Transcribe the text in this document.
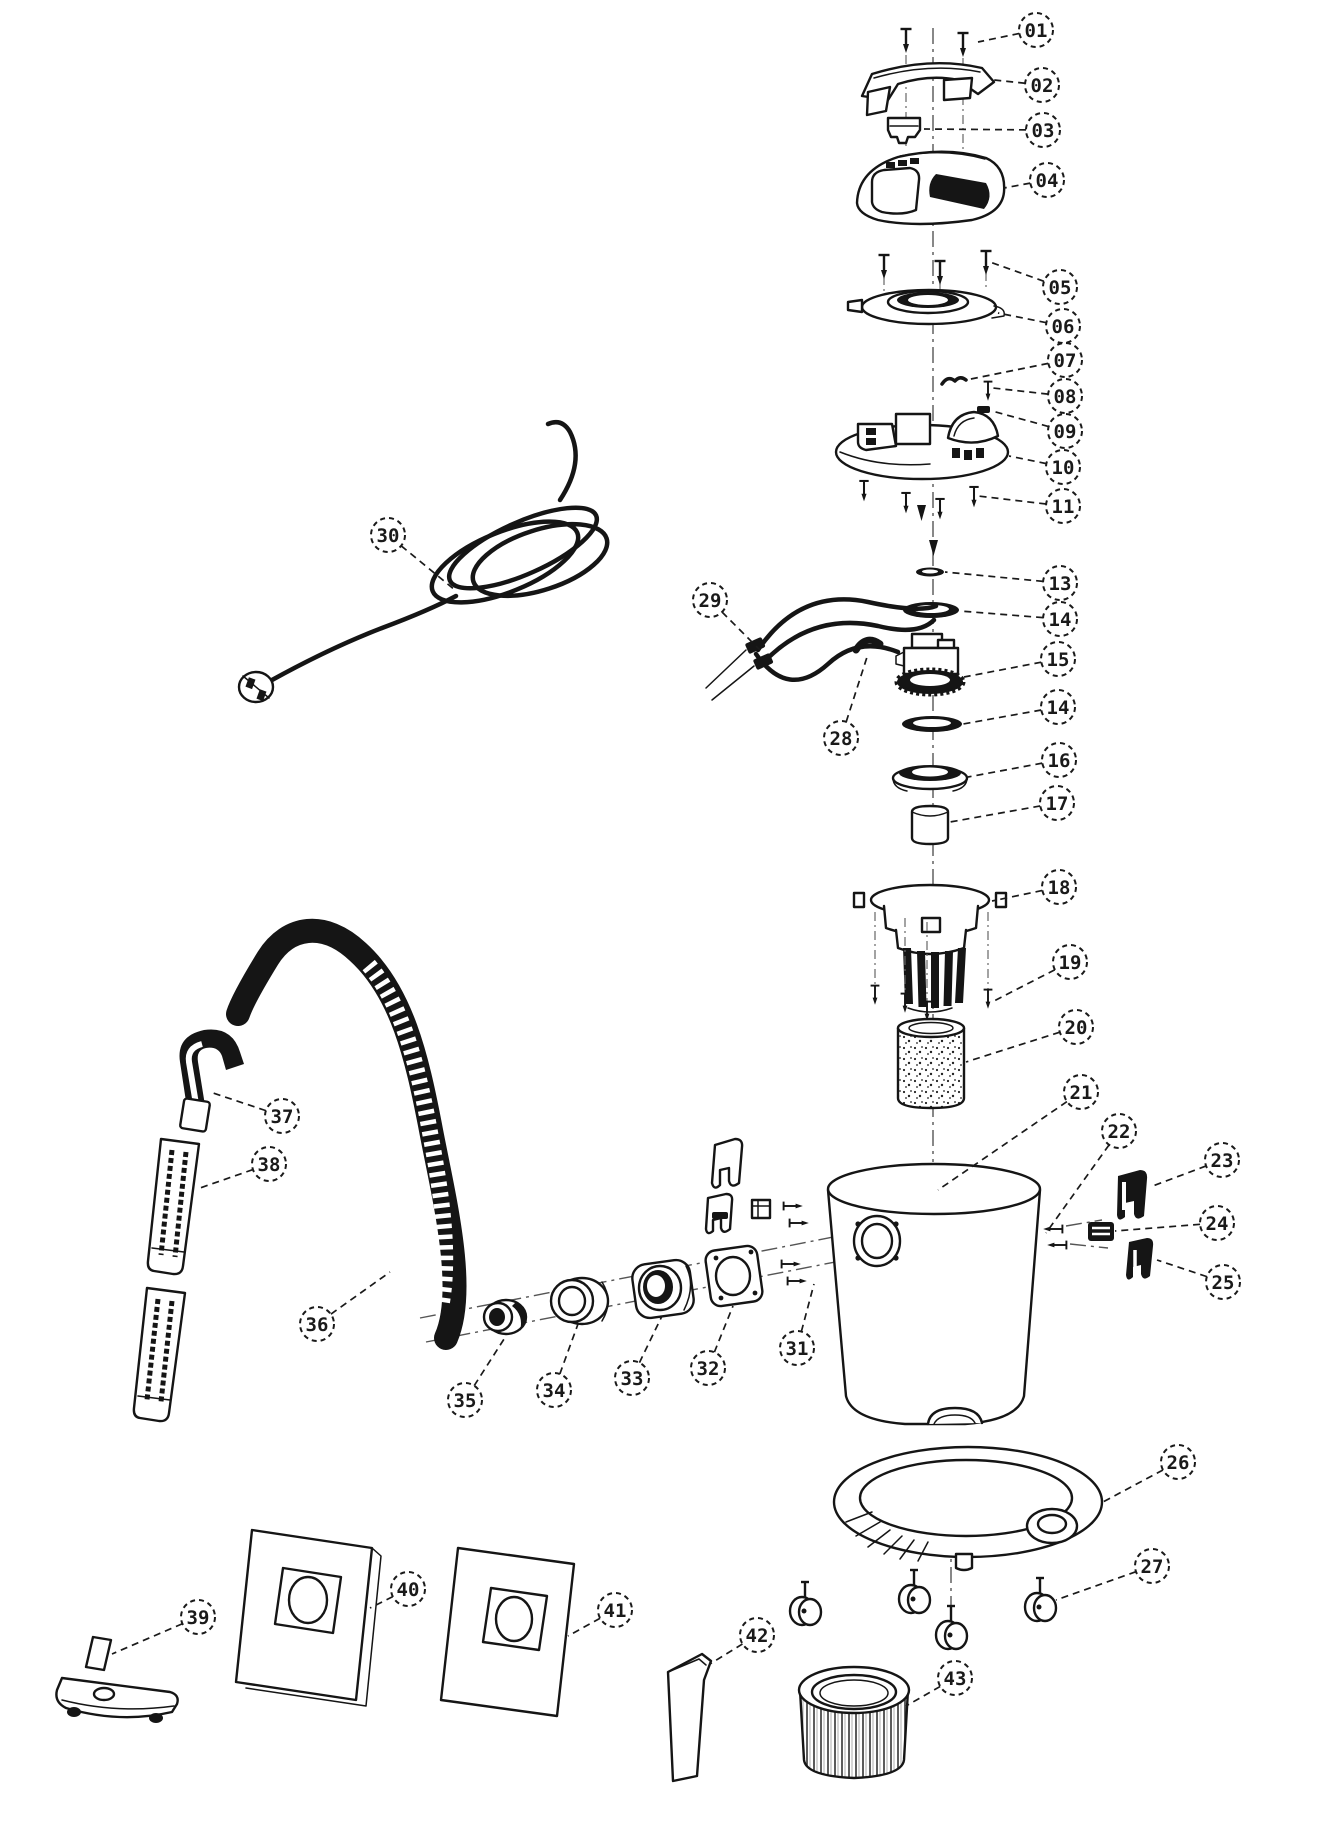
01
02
03
04
05
06
07
08
09
10
11
13
14
15
14
16
17
18
19
20
21
22
23
24
25
26
27
28
29
30
31
32
33
34
35
36
37
38
39
40
41
42
43
